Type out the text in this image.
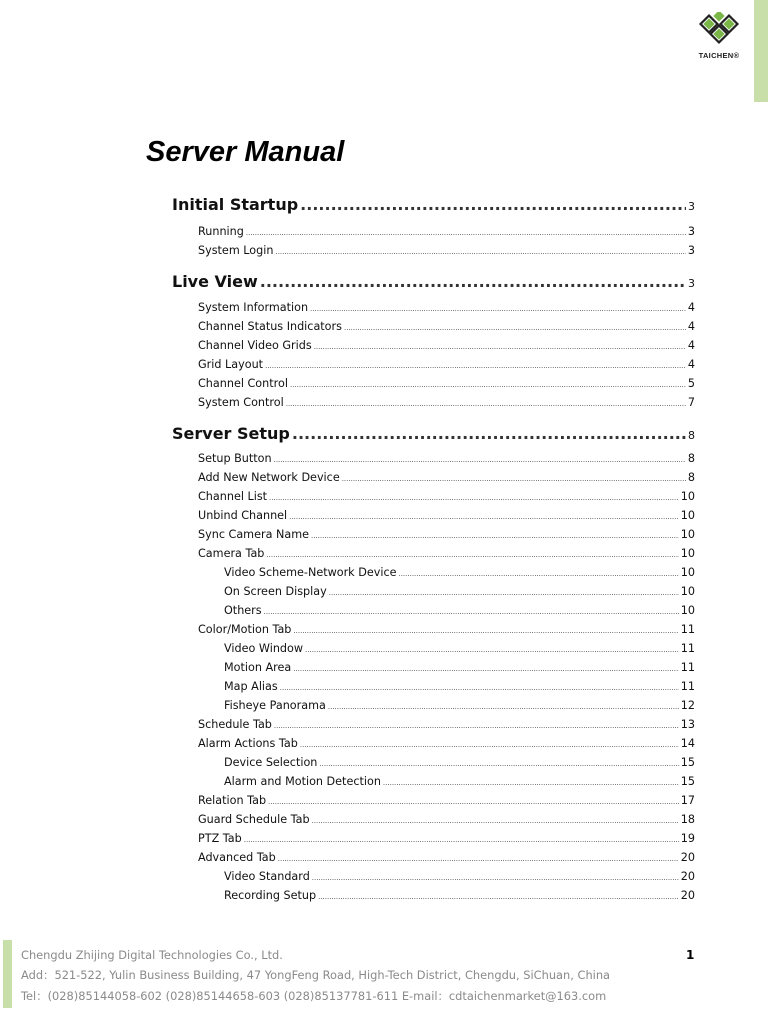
TAICHEN®
Server Manual
Initial Startup .....	3
Running .....	3
System Login .....	3
Live View .....	3
System Information .....	4
Channel Status Indicators .....	4
Channel Video Grids .....	4
Grid Layout .....	4
Channel Control .....	5
System Control .....	7
Server Setup .....	8
Setup Button .....	8
Add New Network Device .....	8
Channel List .....	10
Unbind Channel .....	10
Sync Camera Name .....	10
Camera Tab .....	10
Video Scheme-Network Device .....	10
On Screen Display .....	10
Others .....	10
Color/Motion Tab .....	11
Video Window .....	11
Motion Area .....	11
Map Alias .....	11
Fisheye Panorama .....	12
Schedule Tab .....	13
Alarm Actions Tab .....	14
Device Selection .....	15
Alarm and Motion Detection .....	15
Relation Tab .....	17
Guard Schedule Tab .....	18
PTZ Tab .....	19
Advanced Tab .....	20
Video Standard .....	20
Recording Setup .....	20
Chengdu Zhijing Digital Technologies Co., Ltd.
Add：521-522, Yulin Business Building, 47 YongFeng Road, High-Tech District, Chengdu, SiChuan, China
Tel：(028)85144058-602 (028)85144658-603 (028)85137781-611 E-mail：cdtaichenmarket@163.com
1
